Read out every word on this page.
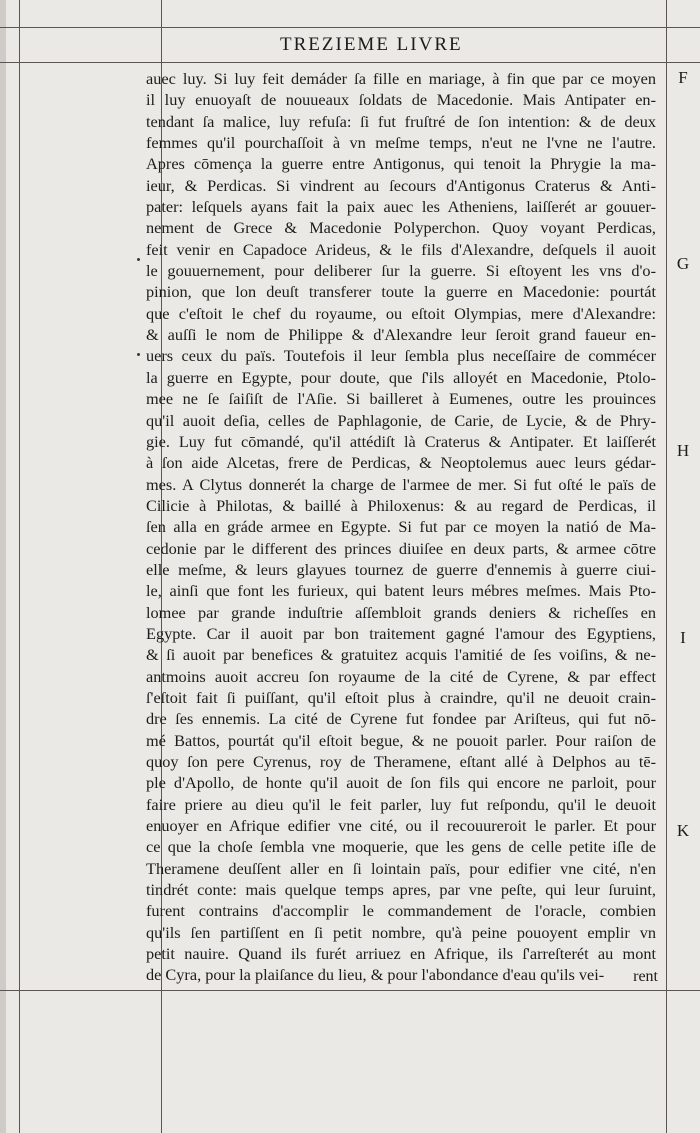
TREZIEME LIVRE
auec luy. Si luy feit demáder ſa fille en mariage, à fin que par ce moyen
il luy enuoyaſt de nouueaux ſoldats de Macedonie. Mais Antipater en-
tendant ſa malice, luy refuſa: ſi fut fruſtré de ſon intention: & de deux
femmes qu'il pourchaſſoit à vn meſme temps, n'eut ne l'vne ne l'autre.
Apres cōmença la guerre entre Antigonus, qui tenoit la Phrygie la ma-
ieur, & Perdicas. Si vindrent au ſecours d'Antigonus Craterus & Anti-
pater: leſquels ayans fait la paix auec les Atheniens, laiſſerét ar gouuer-
nement de Grece & Macedonie Polyperchon. Quoy voyant Perdicas,
feit venir en Capadoce Arideus, & le fils d'Alexandre, deſquels il auoit
le gouuernement, pour deliberer ſur la guerre. Si eſtoyent les vns d'o-
pinion, que lon deuſt transferer toute la guerre en Macedonie: pourtát
que c'eſtoit le chef du royaume, ou eſtoit Olympias, mere d'Alexandre:
& auſſi le nom de Philippe & d'Alexandre leur ſeroit grand faueur en-
uers ceux du païs. Toutefois il leur ſembla plus neceſſaire de commécer
la guerre en Egypte, pour doute, que ſ'ils alloyét en Macedonie, Ptolo-
mee ne ſe ſaiſiſt de l'Aſie. Si bailleret à Eumenes, outre les prouinces
qu'il auoit deſia, celles de Paphlagonie, de Carie, de Lycie, & de Phry-
gie. Luy fut cōmandé, qu'il attédiſt là Craterus & Antipater. Et laiſſerét
à ſon aide Alcetas, frere de Perdicas, & Neoptolemus auec leurs gédar-
mes. A Clytus donnerét la charge de l'armee de mer. Si fut oſté le païs de
Cilicie à Philotas, & baillé à Philoxenus: & au regard de Perdicas, il
ſen alla en gráde armee en Egypte. Si fut par ce moyen la natió de Ma-
cedonie par le different des princes diuiſee en deux parts, & armee cōtre
elle meſme, & leurs glayues tournez de guerre d'ennemis à guerre ciui-
le, ainſi que font les furieux, qui batent leurs mébres meſmes. Mais Pto-
lomee par grande induſtrie aſſembloit grands deniers & richeſſes en
Egypte. Car il auoit par bon traitement gagné l'amour des Egyptiens,
& ſi auoit par benefices & gratuitez acquis l'amitié de ſes voiſins, & ne-
antmoins auoit accreu ſon royaume de la cité de Cyrene, & par effect
ſ'eſtoit fait ſi puiſſant, qu'il eſtoit plus à craindre, qu'il ne deuoit crain-
dre ſes ennemis. La cité de Cyrene fut fondee par Ariſteus, qui fut nō-
mé Battos, pourtát qu'il eſtoit begue, & ne pouoit parler. Pour raiſon de
quoy ſon pere Cyrenus, roy de Theramene, eſtant allé à Delphos au tē-
ple d'Apollo, de honte qu'il auoit de ſon fils qui encore ne parloit, pour
faire priere au dieu qu'il le feit parler, luy fut reſpondu, qu'il le deuoit
enuoyer en Afrique edifier vne cité, ou il recouureroit le parler. Et pour
ce que la choſe ſembla vne moquerie, que les gens de celle petite iſle de
Theramene deuſſent aller en ſi lointain païs, pour edifier vne cité, n'en
tindrét conte: mais quelque temps apres, par vne peſte, qui leur ſuruint,
furent contrains d'accomplir le commandement de l'oracle, combien
qu'ils ſen partiſſent en ſi petit nombre, qu'à peine pouoyent emplir vn
petit nauire. Quand ils furét arriuez en Afrique, ils ſ'arreſterét au mont
de Cyra, pour la plaiſance du lieu, & pour l'abondance d'eau qu'ils vei-	rent
F
G
H
I
K
